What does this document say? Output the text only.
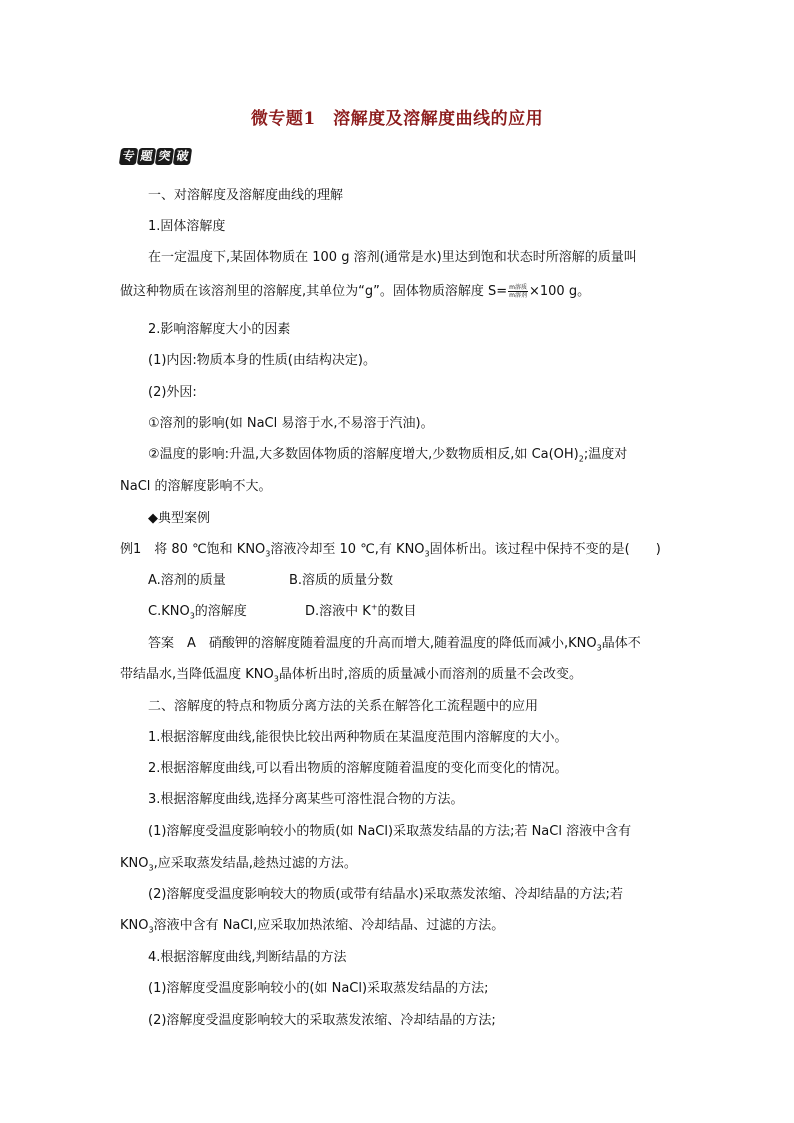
微专题1　溶解度及溶解度曲线的应用
专 题 突 破
一、对溶解度及溶解度曲线的理解
1.固体溶解度
在一定温度下,某固体物质在 100 g 溶剂(通常是水)里达到饱和状态时所溶解的质量叫
做这种物质在该溶剂里的溶解度,其单位为“g”。固体物质溶解度 $S= \frac{\text{m溶质}}{\text{m溶剂}} \times 100$ g。
2.影响溶解度大小的因素
(1)内因:物质本身的性质(由结构决定)。
(2)外因:
①溶剂的影响(如 NaCl 易溶于水,不易溶于汽油)。
②温度的影响:升温,大多数固体物质的溶解度增大,少数物质相反,如 $Ca(OH)_2$;温度对
NaCl 的溶解度影响不大。
◆典型案例
例1　将 80 ℃饱和 $KNO_3$溶液冷却至 10 ℃,有 $KNO_3$固体析出。该过程中保持不变的是(　　)
A.溶剂的质量	B.溶质的质量分数
$C.KNO_3$的溶解度	D.溶液中 K+的数目
答案　A　硝酸钾的溶解度随着温度的升高而增大,随着温度的降低而减小$,KNO_3$晶体不
带结晶水,当降低温度 $KNO_3$晶体析出时,溶质的质量减小而溶剂的质量不会改变。
二、溶解度的特点和物质分离方法的关系在解答化工流程题中的应用
1.根据溶解度曲线,能很快比较出两种物质在某温度范围内溶解度的大小。
2.根据溶解度曲线,可以看出物质的溶解度随着温度的变化而变化的情况。
3.根据溶解度曲线,选择分离某些可溶性混合物的方法。
(1)溶解度受温度影响较小的物质(如 NaCl)采取蒸发结晶的方法;若 NaCl 溶液中含有
$KNO_3$,应采取蒸发结晶,趁热过滤的方法。
(2)溶解度受温度影响较大的物质(或带有结晶水)采取蒸发浓缩、冷却结晶的方法;若
$KNO_3$溶液中含有 NaCl,应采取加热浓缩、冷却结晶、过滤的方法。
4.根据溶解度曲线,判断结晶的方法
(1)溶解度受温度影响较小的(如 NaCl)采取蒸发结晶的方法;
(2)溶解度受温度影响较大的采取蒸发浓缩、冷却结晶的方法;
